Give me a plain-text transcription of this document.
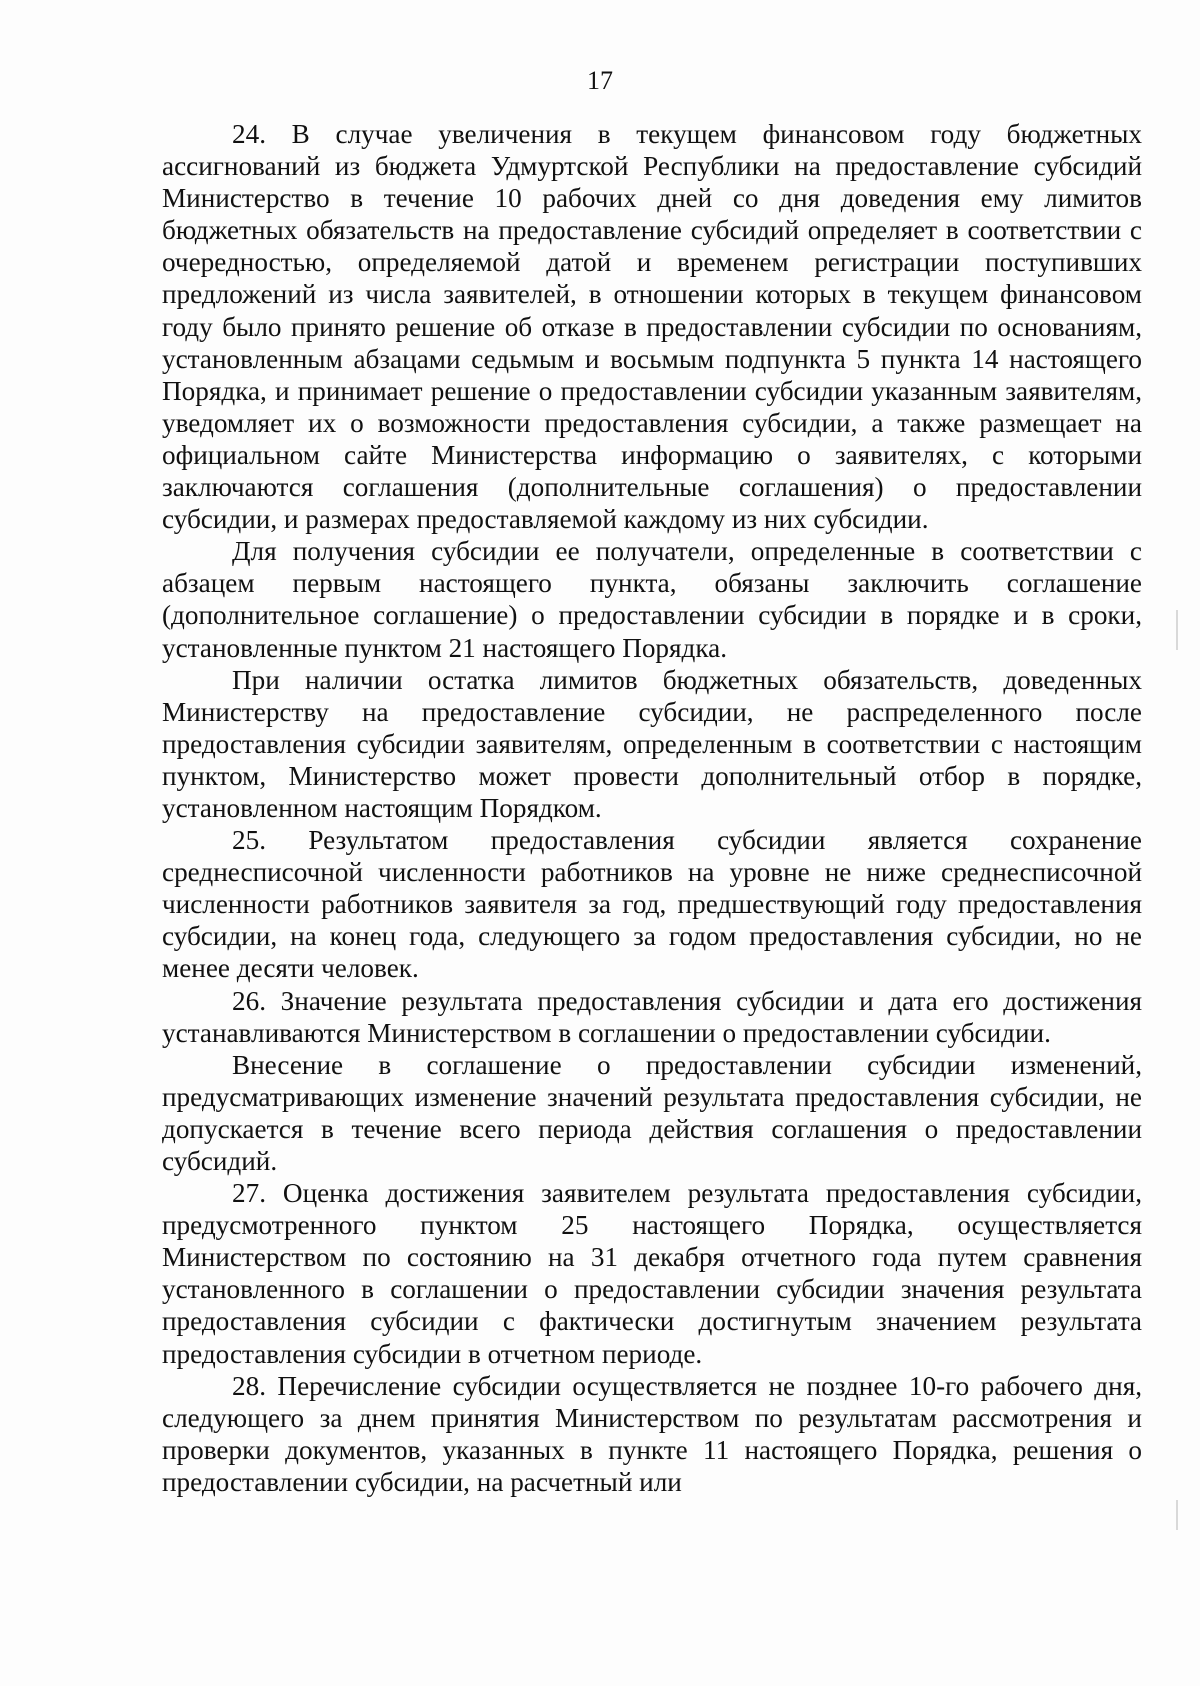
17

24. В случае увеличения в текущем финансовом году бюджетных ассигнований из бюджета Удмуртской Республики на предоставление субсидий Министерство в течение 10 рабочих дней со дня доведения ему лимитов бюджетных обязательств на предоставление субсидий определяет в соответствии с очередностью, определяемой датой и временем регистрации поступивших предложений из числа заявителей, в отношении которых в текущем финансовом году было принято решение об отказе в предоставлении субсидии по основаниям, установленным абзацами седьмым и восьмым подпункта 5 пункта 14 настоящего Порядка, и принимает решение о предоставлении субсидии указанным заявителям, уведомляет их о возможности предоставления субсидии, а также размещает на официальном сайте Министерства информацию о заявителях, с которыми заключаются соглашения (дополнительные соглашения) о предоставлении субсидии, и размерах предоставляемой каждому из них субсидии.

Для получения субсидии ее получатели, определенные в соответствии с абзацем первым настоящего пункта, обязаны заключить соглашение (дополнительное соглашение) о предоставлении субсидии в порядке и в сроки, установленные пунктом 21 настоящего Порядка.

При наличии остатка лимитов бюджетных обязательств, доведенных Министерству на предоставление субсидии, не распределенного после предоставления субсидии заявителям, определенным в соответствии с настоящим пунктом, Министерство может провести дополнительный отбор в порядке, установленном настоящим Порядком.

25. Результатом предоставления субсидии является сохранение среднесписочной численности работников на уровне не ниже среднесписочной численности работников заявителя за год, предшествующий году предоставления субсидии, на конец года, следующего за годом предоставления субсидии, но не менее десяти человек.

26. Значение результата предоставления субсидии и дата его достижения устанавливаются Министерством в соглашении о предоставлении субсидии.

Внесение в соглашение о предоставлении субсидии изменений, предусматривающих изменение значений результата предоставления субсидии, не допускается в течение всего периода действия соглашения о предоставлении субсидий.

27. Оценка достижения заявителем результата предоставления субсидии, предусмотренного пунктом 25 настоящего Порядка, осуществляется Министерством по состоянию на 31 декабря отчетного года путем сравнения установленного в соглашении о предоставлении субсидии значения результата предоставления субсидии с фактически достигнутым значением результата предоставления субсидии в отчетном периоде.

28. Перечисление субсидии осуществляется не позднее 10-го рабочего дня, следующего за днем принятия Министерством по результатам рассмотрения и проверки документов, указанных в пункте 11 настоящего Порядка, решения о предоставлении субсидии, на расчетный или
